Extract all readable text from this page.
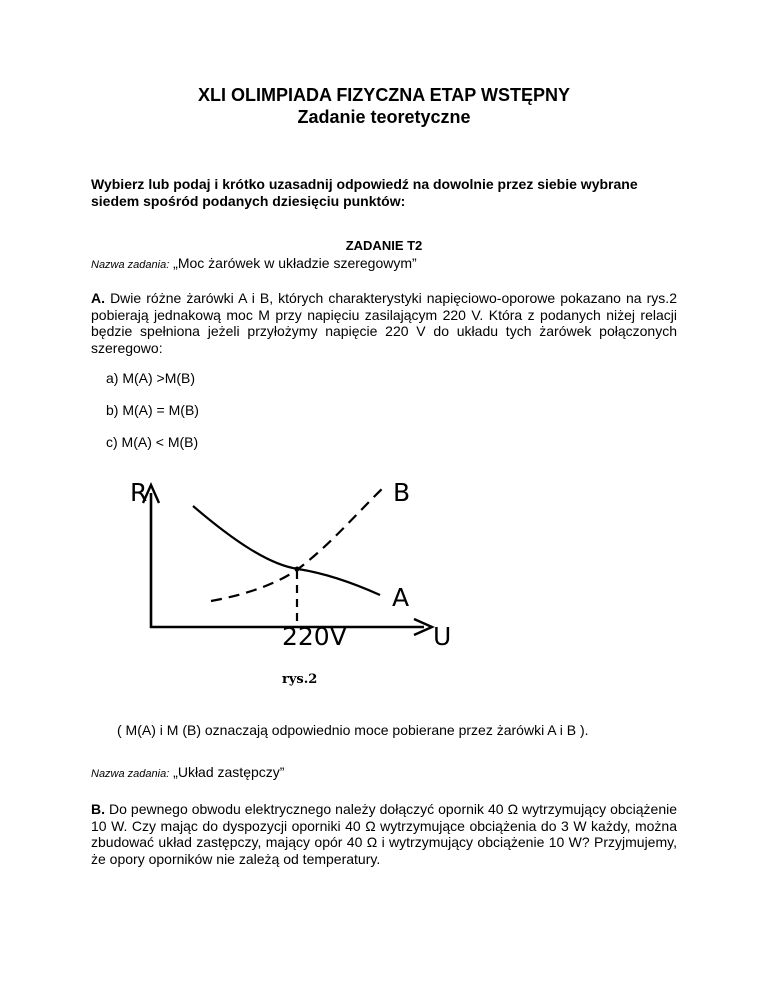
XLI OLIMPIADA FIZYCZNA ETAP WSTĘPNY
Zadanie teoretyczne
Wybierz lub podaj i krótko uzasadnij odpowiedź na dowolnie przez siebie wybrane siedem spośród podanych dziesięciu punktów:
ZADANIE T2
Nazwa zadania: „Moc żarówek w układzie szeregowym”
A. Dwie różne żarówki A i B, których charakterystyki napięciowo-oporowe pokazano na rys.2 pobierają jednakową moc M przy napięciu zasilającym 220 V. Która z podanych niżej relacji będzie spełniona jeżeli przyłożymy napięcie 220 V do układu tych żarówek połączonych szeregowo:
a) M(A) >M(B)
b) M(A) = M(B)
c) M(A) < M(B)
R	B
A
U
220V
rys.2
( M(A) i M (B) oznaczają odpowiednio moce pobierane przez żarówki A i B ).
Nazwa zadania: „Układ zastępczy”
B. Do pewnego obwodu elektrycznego należy dołączyć opornik 40 Ω wytrzymujący obciążenie 10 W. Czy mając do dyspozycji oporniki 40 Ω wytrzymujące obciążenia do 3 W każdy, można zbudować układ zastępczy, mający opór 40 Ω i wytrzymujący obciążenie 10 W? Przyjmujemy, że opory oporników nie zależą od temperatury.
